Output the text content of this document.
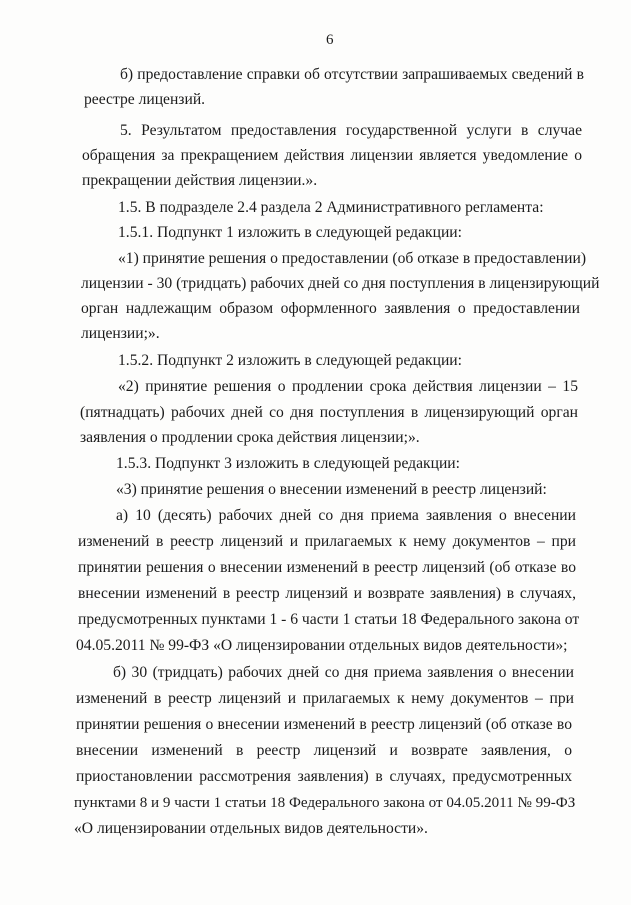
6
б) предоставление справки об отсутствии запрашиваемых сведений в
реестре лицензий.
5. Результатом предоставления государственной услуги в случае
обращения за прекращением действия лицензии является уведомление о
прекращении действия лицензии.».
1.5. В подразделе 2.4 раздела 2 Административного регламента:
1.5.1. Подпункт 1 изложить в следующей редакции:
«1) принятие решения о предоставлении (об отказе в предоставлении)
лицензии - 30 (тридцать) рабочих дней со дня поступления в лицензирующий
орган надлежащим образом оформленного заявления о предоставлении
лицензии;».
1.5.2. Подпункт 2 изложить в следующей редакции:
«2) принятие решения о продлении срока действия лицензии – 15
(пятнадцать) рабочих дней со дня поступления в лицензирующий орган
заявления о продлении срока действия лицензии;».
1.5.3. Подпункт 3 изложить в следующей редакции:
«3) принятие решения о внесении изменений в реестр лицензий:
а) 10 (десять) рабочих дней со дня приема заявления о внесении
изменений в реестр лицензий и прилагаемых к нему документов – при
принятии решения о внесении изменений в реестр лицензий (об отказе во
внесении изменений в реестр лицензий и возврате заявления) в случаях,
предусмотренных пунктами 1 - 6 части 1 статьи 18 Федерального закона от
04.05.2011 № 99-ФЗ «О лицензировании отдельных видов деятельности»;
б) 30 (тридцать) рабочих дней со дня приема заявления о внесении
изменений в реестр лицензий и прилагаемых к нему документов – при
принятии решения о внесении изменений в реестр лицензий (об отказе во
внесении изменений в реестр лицензий и возврате заявления, о
приостановлении рассмотрения заявления) в случаях, предусмотренных
пунктами 8 и 9 части 1 статьи 18 Федерального закона от 04.05.2011 № 99-ФЗ
«О лицензировании отдельных видов деятельности».
